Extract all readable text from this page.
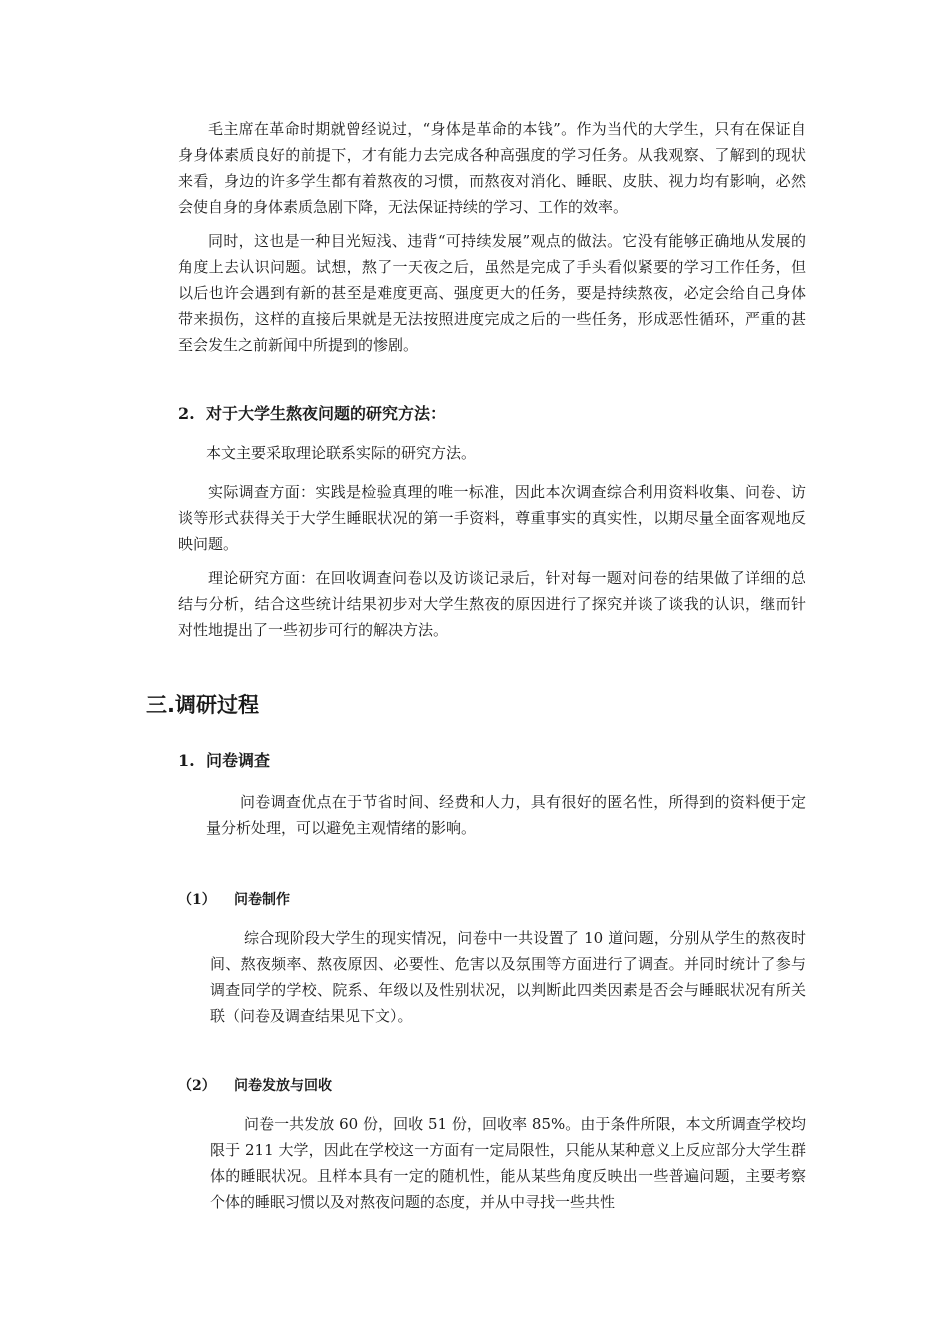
毛主席在革命时期就曾经说过，“身体是革命的本钱”。作为当代的大学生，只有在保证自身身体素质良好的前提下，才有能力去完成各种高强度的学习任务。从我观察、了解到的现状来看，身边的许多学生都有着熬夜的习惯，而熬夜对消化、睡眠、皮肤、视力均有影响，必然会使自身的身体素质急剧下降，无法保证持续的学习、工作的效率。

同时，这也是一种目光短浅、违背“可持续发展”观点的做法。它没有能够正确地从发展的角度上去认识问题。试想，熬了一天夜之后，虽然是完成了手头看似紧要的学习工作任务，但以后也许会遇到有新的甚至是难度更高、强度更大的任务，要是持续熬夜，必定会给自己身体带来损伤，这样的直接后果就是无法按照进度完成之后的一些任务，形成恶性循环，严重的甚至会发生之前新闻中所提到的惨剧。

2. 对于大学生熬夜问题的研究方法：

本文主要采取理论联系实际的研究方法。

实际调查方面：实践是检验真理的唯一标准，因此本次调查综合利用资料收集、问卷、访谈等形式获得关于大学生睡眠状况的第一手资料，尊重事实的真实性，以期尽量全面客观地反映问题。

理论研究方面：在回收调查问卷以及访谈记录后，针对每一题对问卷的结果做了详细的总结与分析，结合这些统计结果初步对大学生熬夜的原因进行了探究并谈了谈我的认识，继而针对性地提出了一些初步可行的解决方法。

三.调研过程
1. 问卷调查

问卷调查优点在于节省时间、经费和人力，具有很好的匿名性，所得到的资料便于定量分析处理，可以避免主观情绪的影响。

（1） 问卷制作

综合现阶段大学生的现实情况，问卷中一共设置了 10 道问题，分别从学生的熬夜时间、熬夜频率、熬夜原因、必要性、危害以及氛围等方面进行了调查。并同时统计了参与调查同学的学校、院系、年级以及性别状况，以判断此四类因素是否会与睡眠状况有所关联（问卷及调查结果见下文）。

（2） 问卷发放与回收

问卷一共发放 60 份，回收 51 份，回收率 85%。由于条件所限，本文所调查学校均限于 211 大学，因此在学校这一方面有一定局限性，只能从某种意义上反应部分大学生群体的睡眠状况。且样本具有一定的随机性，能从某些角度反映出一些普遍问题，主要考察个体的睡眠习惯以及对熬夜问题的态度，并从中寻找一些共性
